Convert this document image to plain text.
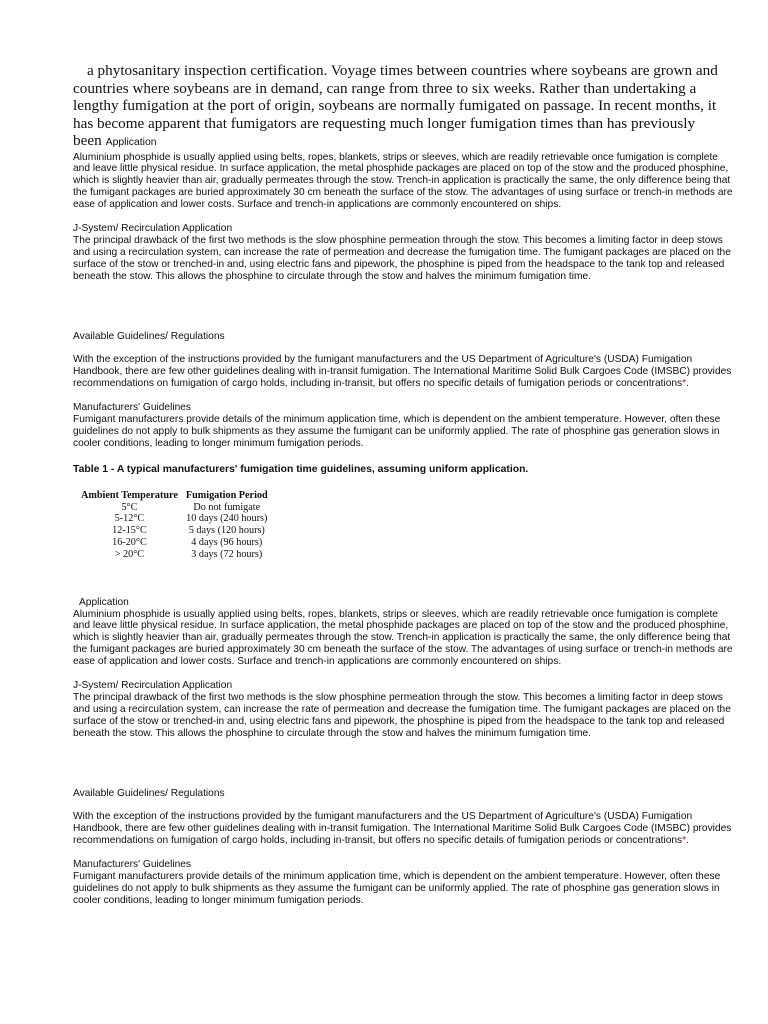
a phytosanitary inspection certification. Voyage times between countries where soybeans are grown and countries where soybeans are in demand, can range from three to six weeks. Rather than undertaking a lengthy fumigation at the port of origin, soybeans are normally fumigated on passage. In recent months, it has become apparent that fumigators are requesting much longer fumigation times than has previously been Application

Aluminium phosphide is usually applied using belts, ropes, blankets, strips or sleeves, which are readily retrievable once fumigation is complete and leave little physical residue. In surface application, the metal phosphide packages are placed on top of the stow and the produced phosphine, which is slightly heavier than air, gradually permeates through the stow. Trench-in application is practically the same, the only difference being that the fumigant packages are buried approximately 30 cm beneath the surface of the stow. The advantages of using surface or trench-in methods are ease of application and lower costs. Surface and trench-in applications are commonly encountered on ships.

J-System/ Recirculation Application

The principal drawback of the first two methods is the slow phosphine permeation through the stow. This becomes a limiting factor in deep stows and using a recirculation system, can increase the rate of permeation and decrease the fumigation time. The fumigant packages are placed on the surface of the stow or trenched-in and, using electric fans and pipework, the phosphine is piped from the headspace to the tank top and released beneath the stow. This allows the phosphine to circulate through the stow and halves the minimum fumigation time.

Available Guidelines/ Regulations

With the exception of the instructions provided by the fumigant manufacturers and the US Department of Agriculture's (USDA) Fumigation Handbook, there are few other guidelines dealing with in-transit fumigation. The International Maritime Solid Bulk Cargoes Code (IMSBC) provides recommendations on fumigation of cargo holds, including in-transit, but offers no specific details of fumigation periods or concentrations*.

Manufacturers' Guidelines

Fumigant manufacturers provide details of the minimum application time, which is dependent on the ambient temperature. However, often these guidelines do not apply to bulk shipments as they assume the fumigant can be uniformly applied. The rate of phosphine gas generation slows in cooler conditions, leading to longer minimum fumigation periods.

Table 1 - A typical manufacturers' fumigation time guidelines, assuming uniform application.

Ambient Temperature	Fumigation Period
5°C	Do not fumigate
5-12°C	10 days (240 hours)
12-15°C	5 days (120 hours)
16-20°C	4 days (96 hours)
> 20°C	3 days (72 hours)

Application

Aluminium phosphide is usually applied using belts, ropes, blankets, strips or sleeves, which are readily retrievable once fumigation is complete and leave little physical residue. In surface application, the metal phosphide packages are placed on top of the stow and the produced phosphine, which is slightly heavier than air, gradually permeates through the stow. Trench-in application is practically the same, the only difference being that the fumigant packages are buried approximately 30 cm beneath the surface of the stow. The advantages of using surface or trench-in methods are ease of application and lower costs. Surface and trench-in applications are commonly encountered on ships.

J-System/ Recirculation Application

The principal drawback of the first two methods is the slow phosphine permeation through the stow. This becomes a limiting factor in deep stows and using a recirculation system, can increase the rate of permeation and decrease the fumigation time. The fumigant packages are placed on the surface of the stow or trenched-in and, using electric fans and pipework, the phosphine is piped from the headspace to the tank top and released beneath the stow. This allows the phosphine to circulate through the stow and halves the minimum fumigation time.

Available Guidelines/ Regulations

With the exception of the instructions provided by the fumigant manufacturers and the US Department of Agriculture's (USDA) Fumigation Handbook, there are few other guidelines dealing with in-transit fumigation. The International Maritime Solid Bulk Cargoes Code (IMSBC) provides recommendations on fumigation of cargo holds, including in-transit, but offers no specific details of fumigation periods or concentrations*.

Manufacturers' Guidelines

Fumigant manufacturers provide details of the minimum application time, which is dependent on the ambient temperature. However, often these guidelines do not apply to bulk shipments as they assume the fumigant can be uniformly applied. The rate of phosphine gas generation slows in cooler conditions, leading to longer minimum fumigation periods.
